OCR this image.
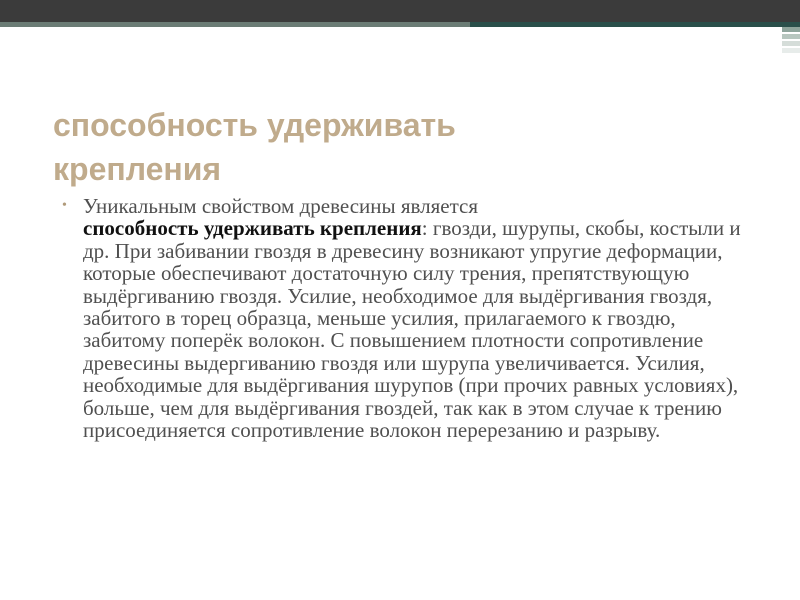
способность удерживать
крепления
• Уникальным свойством древесины является
способность удерживать крепления: гвозди, шурупы, скобы, костыли и др. При забивании гвоздя в древесину возникают упругие деформации, которые обеспечивают достаточную силу трения, препятствующую выдёргиванию гвоздя. Усилие, необходимое для выдёргивания гвоздя, забитого в торец образца, меньше усилия, прилагаемого к гвоздю, забитому поперёк волокон. С повышением плотности сопротивление древесины выдергиванию гвоздя или шурупа увеличивается. Усилия, необходимые для выдёргивания шурупов (при прочих равных условиях), больше, чем для выдёргивания гвоздей, так как в этом случае к трению присоединяется сопротивление волокон перерезанию и разрыву.
